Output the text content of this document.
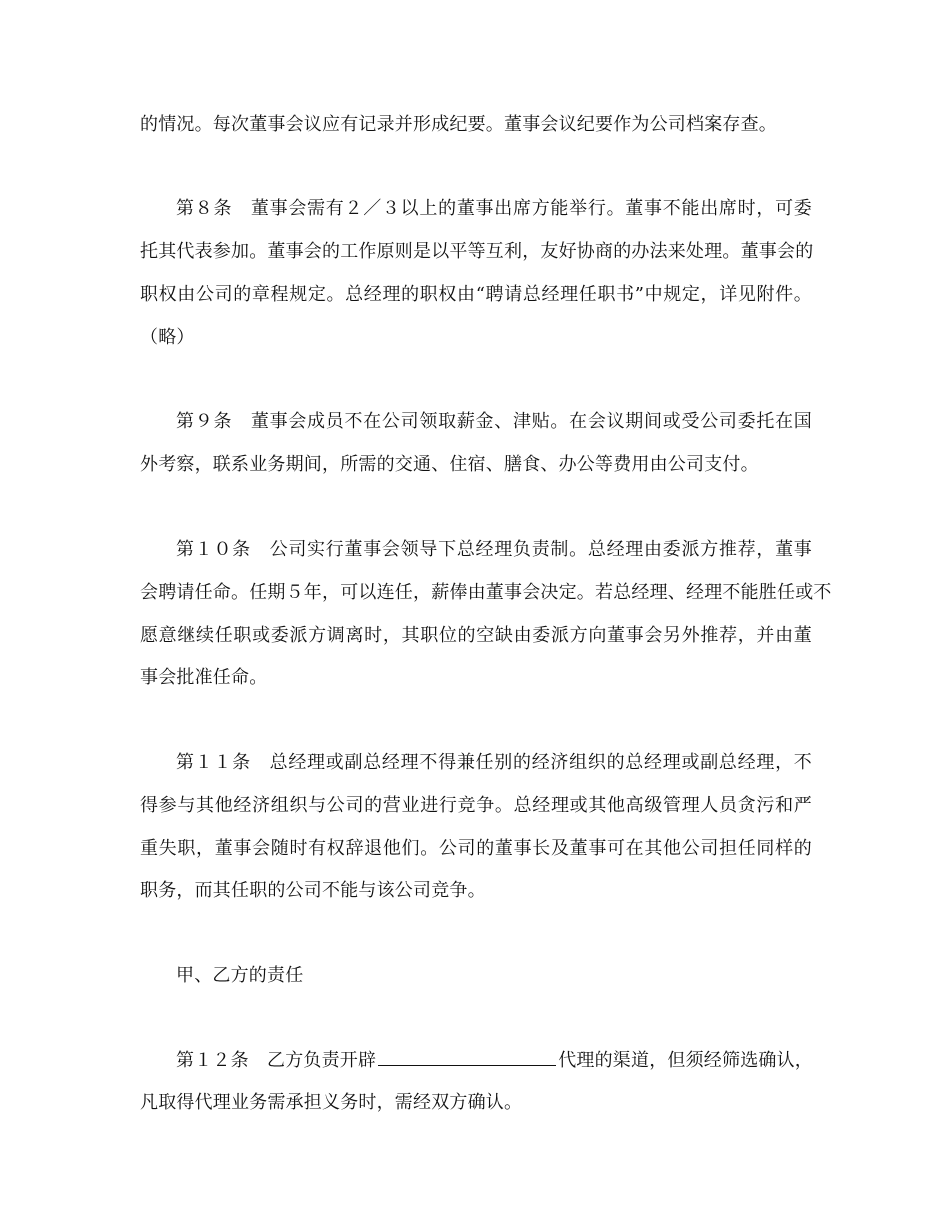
的情况。每次董事会议应有记录并形成纪要。董事会议纪要作为公司档案存查。
第８条　董事会需有２／３以上的董事出席方能举行。董事不能出席时，可委
托其代表参加。董事会的工作原则是以平等互利，友好协商的办法来处理。董事会的
职权由公司的章程规定。总经理的职权由“聘请总经理任职书”中规定，详见附件。
（略）
第９条　董事会成员不在公司领取薪金、津贴。在会议期间或受公司委托在国
外考察，联系业务期间，所需的交通、住宿、膳食、办公等费用由公司支付。
第１０条　公司实行董事会领导下总经理负责制。总经理由委派方推荐，董事
会聘请任命。任期５年，可以连任，薪俸由董事会决定。若总经理、经理不能胜任或不
愿意继续任职或委派方调离时，其职位的空缺由委派方向董事会另外推荐，并由董
事会批准任命。
第１１条　总经理或副总经理不得兼任别的经济组织的总经理或副总经理，不
得参与其他经济组织与公司的营业进行竞争。总经理或其他高级管理人员贪污和严
重失职，董事会随时有权辞退他们。公司的董事长及董事可在其他公司担任同样的
职务，而其任职的公司不能与该公司竞争。
甲、乙方的责任
第１２条　乙方负责开辟	代理的渠道，但须经筛选确认，
凡取得代理业务需承担义务时，需经双方确认。
